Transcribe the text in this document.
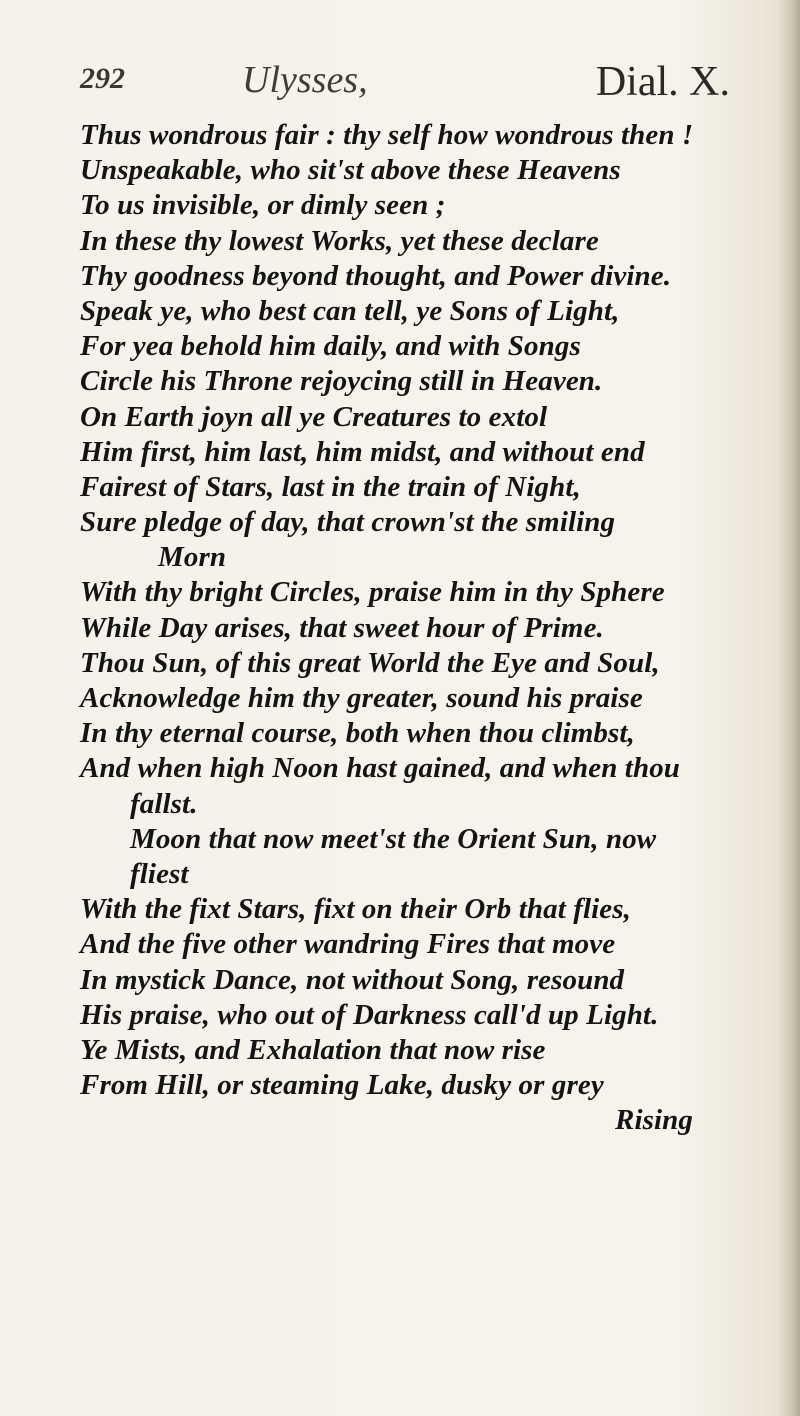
292	Ulysses,	Dial. X.
Thus wondrous fair : thy self how wondrous then !
Unspeakable, who sit'st above these Heavens
To us invisible, or dimly seen ;
In these thy lowest Works, yet these declare
Thy goodness beyond thought, and Power divine.
Speak ye, who best can tell, ye Sons of Light,
For yea behold him daily, and with Songs
Circle his Throne rejoycing still in Heaven.
On Earth joyn all ye Creatures to extol
Him first, him last, him midst, and without end
Fairest of Stars, last in the train of Night,
Sure pledge of day, that crown'st the smiling
Morn
With thy bright Circles, praise him in thy Sphere
While Day arises, that sweet hour of Prime.
Thou Sun, of this great World the Eye and Soul,
Acknowledge him thy greater, sound his praise
In thy eternal course, both when thou climbst,
And when high Noon hast gained, and when thou
fallst.
Moon that now meet'st the Orient Sun, now
fliest
With the fixt Stars, fixt on their Orb that flies,
And the five other wandring Fires that move
In mystick Dance, not without Song, resound
His praise, who out of Darkness call'd up Light.
Ye Mists, and Exhalation that now rise
From Hill, or steaming Lake, dusky or grey
Rising
